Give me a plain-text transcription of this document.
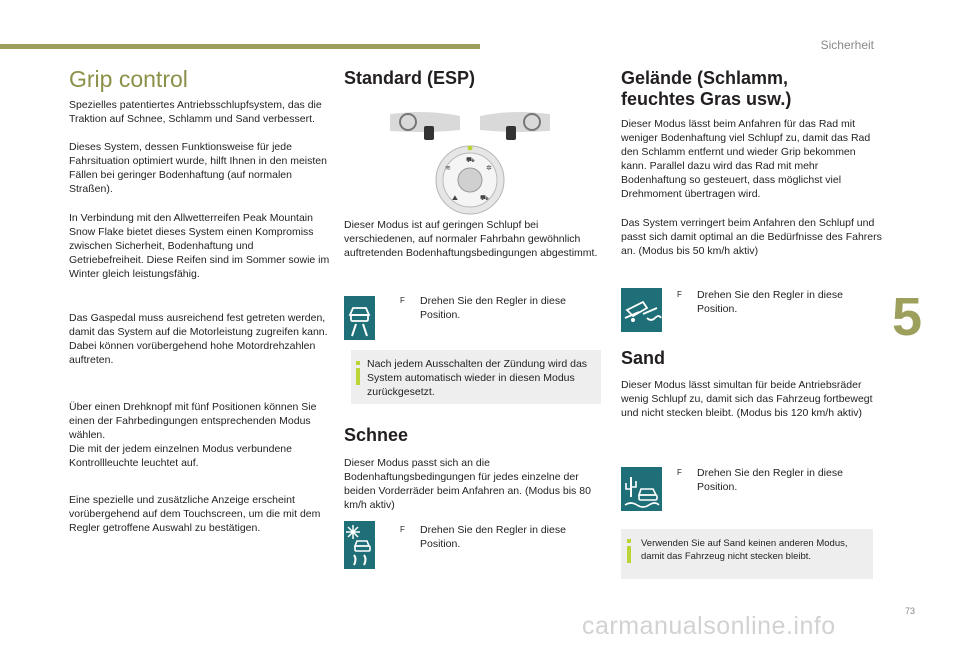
Sicherheit
5
73
carmanualsonline.info
Grip control
Spezielles patentiertes Antriebsschlupfsystem, das die Traktion auf Schnee, Schlamm und Sand verbessert.
Dieses System, dessen Funktionsweise für jede Fahrsituation optimiert wurde, hilft Ihnen in den meisten Fällen bei geringer Bodenhaftung (auf normalen Straßen).
In Verbindung mit den Allwetterreifen Peak Mountain Snow Flake bietet dieses System einen Kompromiss zwischen Sicherheit, Bodenhaftung und Getriebefreiheit. Diese Reifen sind im Sommer sowie im Winter gleich leistungsfähig.
Das Gaspedal muss ausreichend fest getreten werden, damit das System auf die Motorleistung zugreifen kann. Dabei können vorübergehend hohe Motordrehzahlen auftreten.
Über einen Drehknopf mit fünf Positionen können Sie einen der Fahrbedingungen entsprechenden Modus wählen.
Die mit der jedem einzelnen Modus verbundene Kontrollleuchte leuchtet auf.
Eine spezielle und zusätzliche Anzeige erscheint vorübergehend auf dem Touchscreen, um die mit dem Regler getroffene Auswahl zu bestätigen.
Standard (ESP)
Dieser Modus ist auf geringen Schlupf bei verschiedenen, auf normaler Fahrbahn gewöhnlich auftretenden Bodenhaftungsbedingungen abgestimmt.
F	Drehen Sie den Regler in diese Position.
Nach jedem Ausschalten der Zündung wird das System automatisch wieder in diesen Modus zurückgesetzt.
Schnee
Dieser Modus passt sich an die Bodenhaftungsbedingungen für jedes einzelne der beiden Vorderräder beim Anfahren an. (Modus bis 80 km/h aktiv)
F	Drehen Sie den Regler in diese Position.
⛟
✲
≋
⛰	⛟
Gelände (Schlamm,
feuchtes Gras usw.)
Dieser Modus lässt beim Anfahren für das Rad mit weniger Bodenhaftung viel Schlupf zu, damit das Rad den Schlamm entfernt und wieder Grip bekommen kann. Parallel dazu wird das Rad mit mehr Bodenhaftung so gesteuert, dass möglichst viel Drehmoment übertragen wird.
Das System verringert beim Anfahren den Schlupf und passt sich damit optimal an die Bedürfnisse des Fahrers an. (Modus bis 50 km/h aktiv)
F	Drehen Sie den Regler in diese Position.
Sand
Dieser Modus lässt simultan für beide Antriebsräder wenig Schlupf zu, damit sich das Fahrzeug fortbewegt und nicht stecken bleibt. (Modus bis 120 km/h aktiv)
F	Drehen Sie den Regler in diese Position.
Verwenden Sie auf Sand keinen anderen Modus, damit das Fahrzeug nicht stecken bleibt.
